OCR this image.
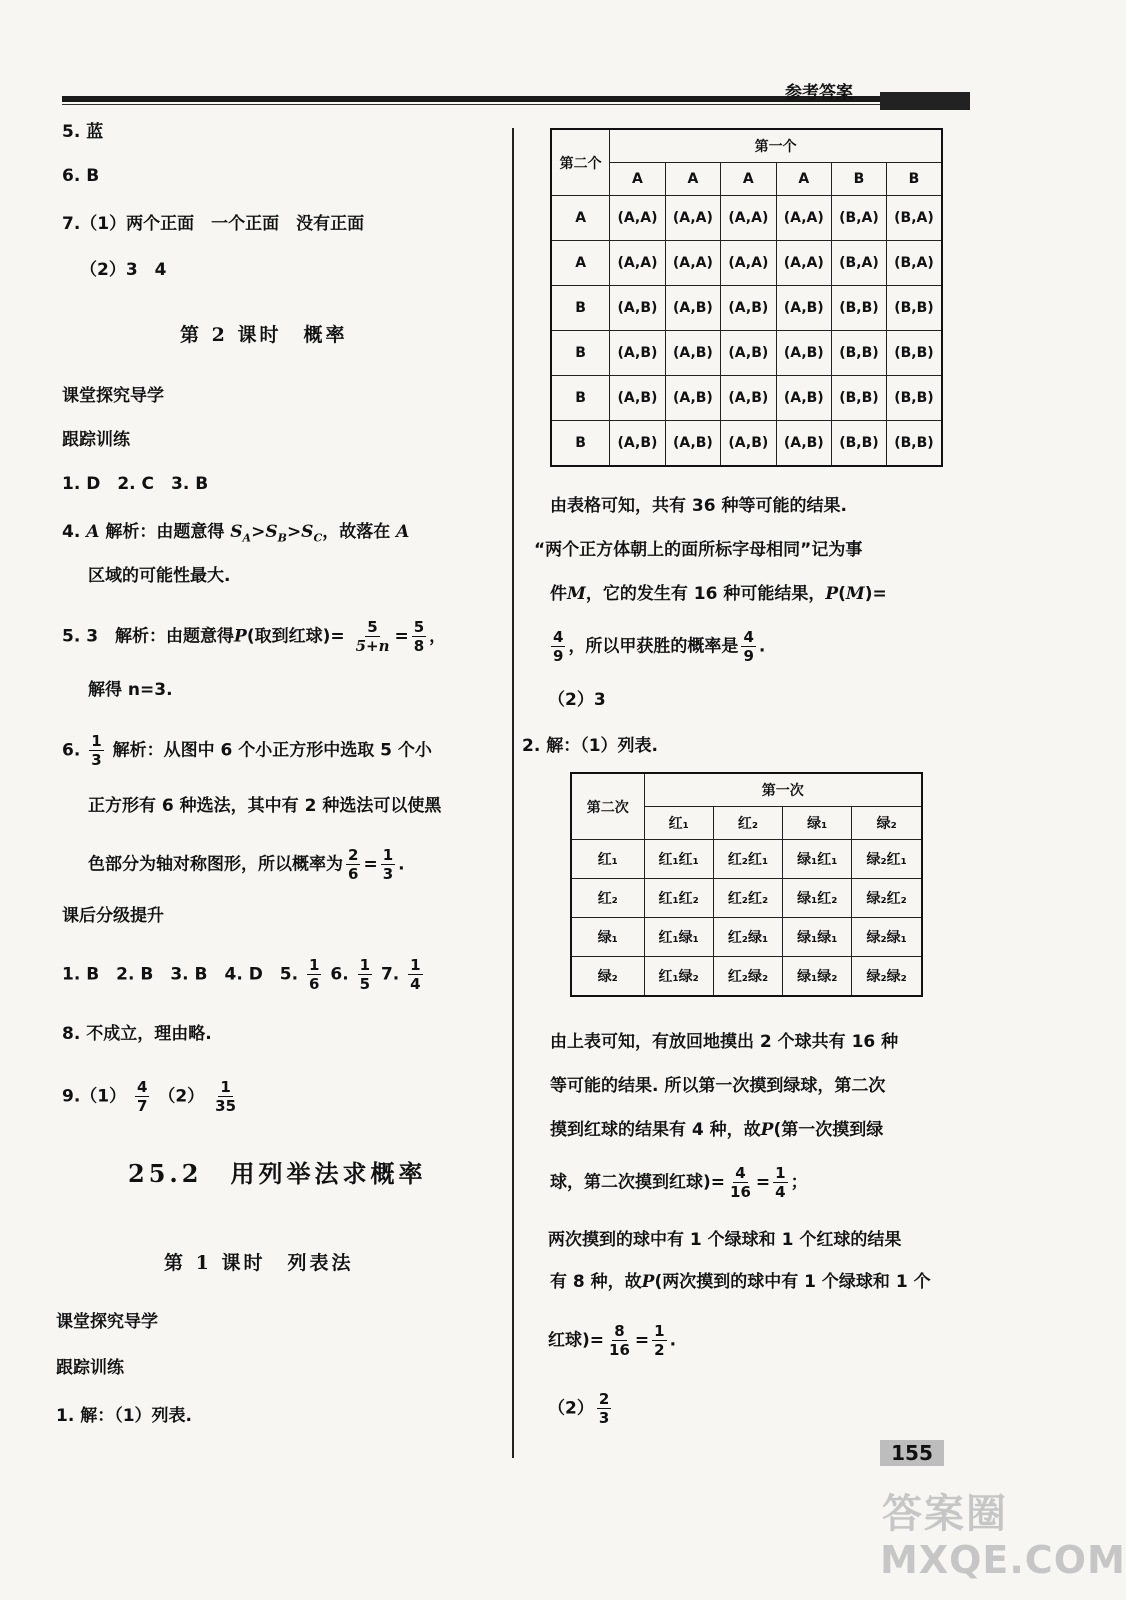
参考答案
5. 蓝
6. B
7.（1）两个正面　一个正面　没有正面
（2）3　4
第 2 课时　概率
课堂探究导学
跟踪训练
1. D　2. C　3. B
4. A 解析：由题意得 $S_A>S_B>S_C$，故落在 A
区域的可能性最大.
5. 3　解析：由题意得P(取到红球)= $\frac{5}{5+n} = \frac{5}{8}$ ，
解得 n=3.
6. $\frac{1}{3}$ 解析：从图中 6 个小正方形中选取 5 个小
正方形有 6 种选法，其中有 2 种选法可以使黑
色部分为轴对称图形，所以概率为 $\frac{2}{6} = \frac{1}{3}$ .
课后分级提升
1. B　2. B　3. B　4. D　5. $\frac{1}{6} 6$. $\frac{1}{5} 7$. $\frac{1}{4}$
8. 不成立，理由略.
$9.(1) \frac{4}{7} (2) \frac{1}{35}$
25.2　用列举法求概率
第 1 课时　列表法
课堂探究导学
跟踪训练
1. 解：（1）列表.
第二个	第一个					
	A	A	A	A	B	B
A	(A,A)	(A,A)	(A,A)	(A,A)	(B,A)	(B,A)
A	(A,A)	(A,A)	(A,A)	(A,A)	(B,A)	(B,A)
B	(A,B)	(A,B)	(A,B)	(A,B)	(B,B)	(B,B)
B	(A,B)	(A,B)	(A,B)	(A,B)	(B,B)	(B,B)
B	(A,B)	(A,B)	(A,B)	(A,B)	(B,B)	(B,B)
B	(A,B)	(A,B)	(A,B)	(A,B)	(B,B)	(B,B)
由表格可知，共有 36 种等可能的结果.
“两个正方体朝上的面所标字母相同”记为事
件M，它的发生有 16 种可能结果，P(M)=
$\frac{4}{9}$ ，所以甲获胜的概率是 $\frac{4}{9}$ .
（2）3
2. 解：（1）列表.
第二次	第一次			
	红₁	红₂	绿₁	绿₂
红₁	红₁红₁	红₂红₁	绿₁红₁	绿₂红₁
红₂	红₁红₂	红₂红₂	绿₁红₂	绿₂红₂
绿₁	红₁绿₁	红₂绿₁	绿₁绿₁	绿₂绿₁
绿₂	红₁绿₂	红₂绿₂	绿₁绿₂	绿₂绿₂
由上表可知，有放回地摸出 2 个球共有 16 种
等可能的结果. 所以第一次摸到绿球，第二次
摸到红球的结果有 4 种，故P(第一次摸到绿
球，第二次摸到红球)= $\frac{4}{16} = \frac{1}{4}$ ；
两次摸到的球中有 1 个绿球和 1 个红球的结果
有 8 种，故P(两次摸到的球中有 1 个绿球和 1 个
红球)= $\frac{8}{16} = \frac{1}{2}$ .
$(2) \frac{2}{3}$
155
答案圈
MXQE.COM
